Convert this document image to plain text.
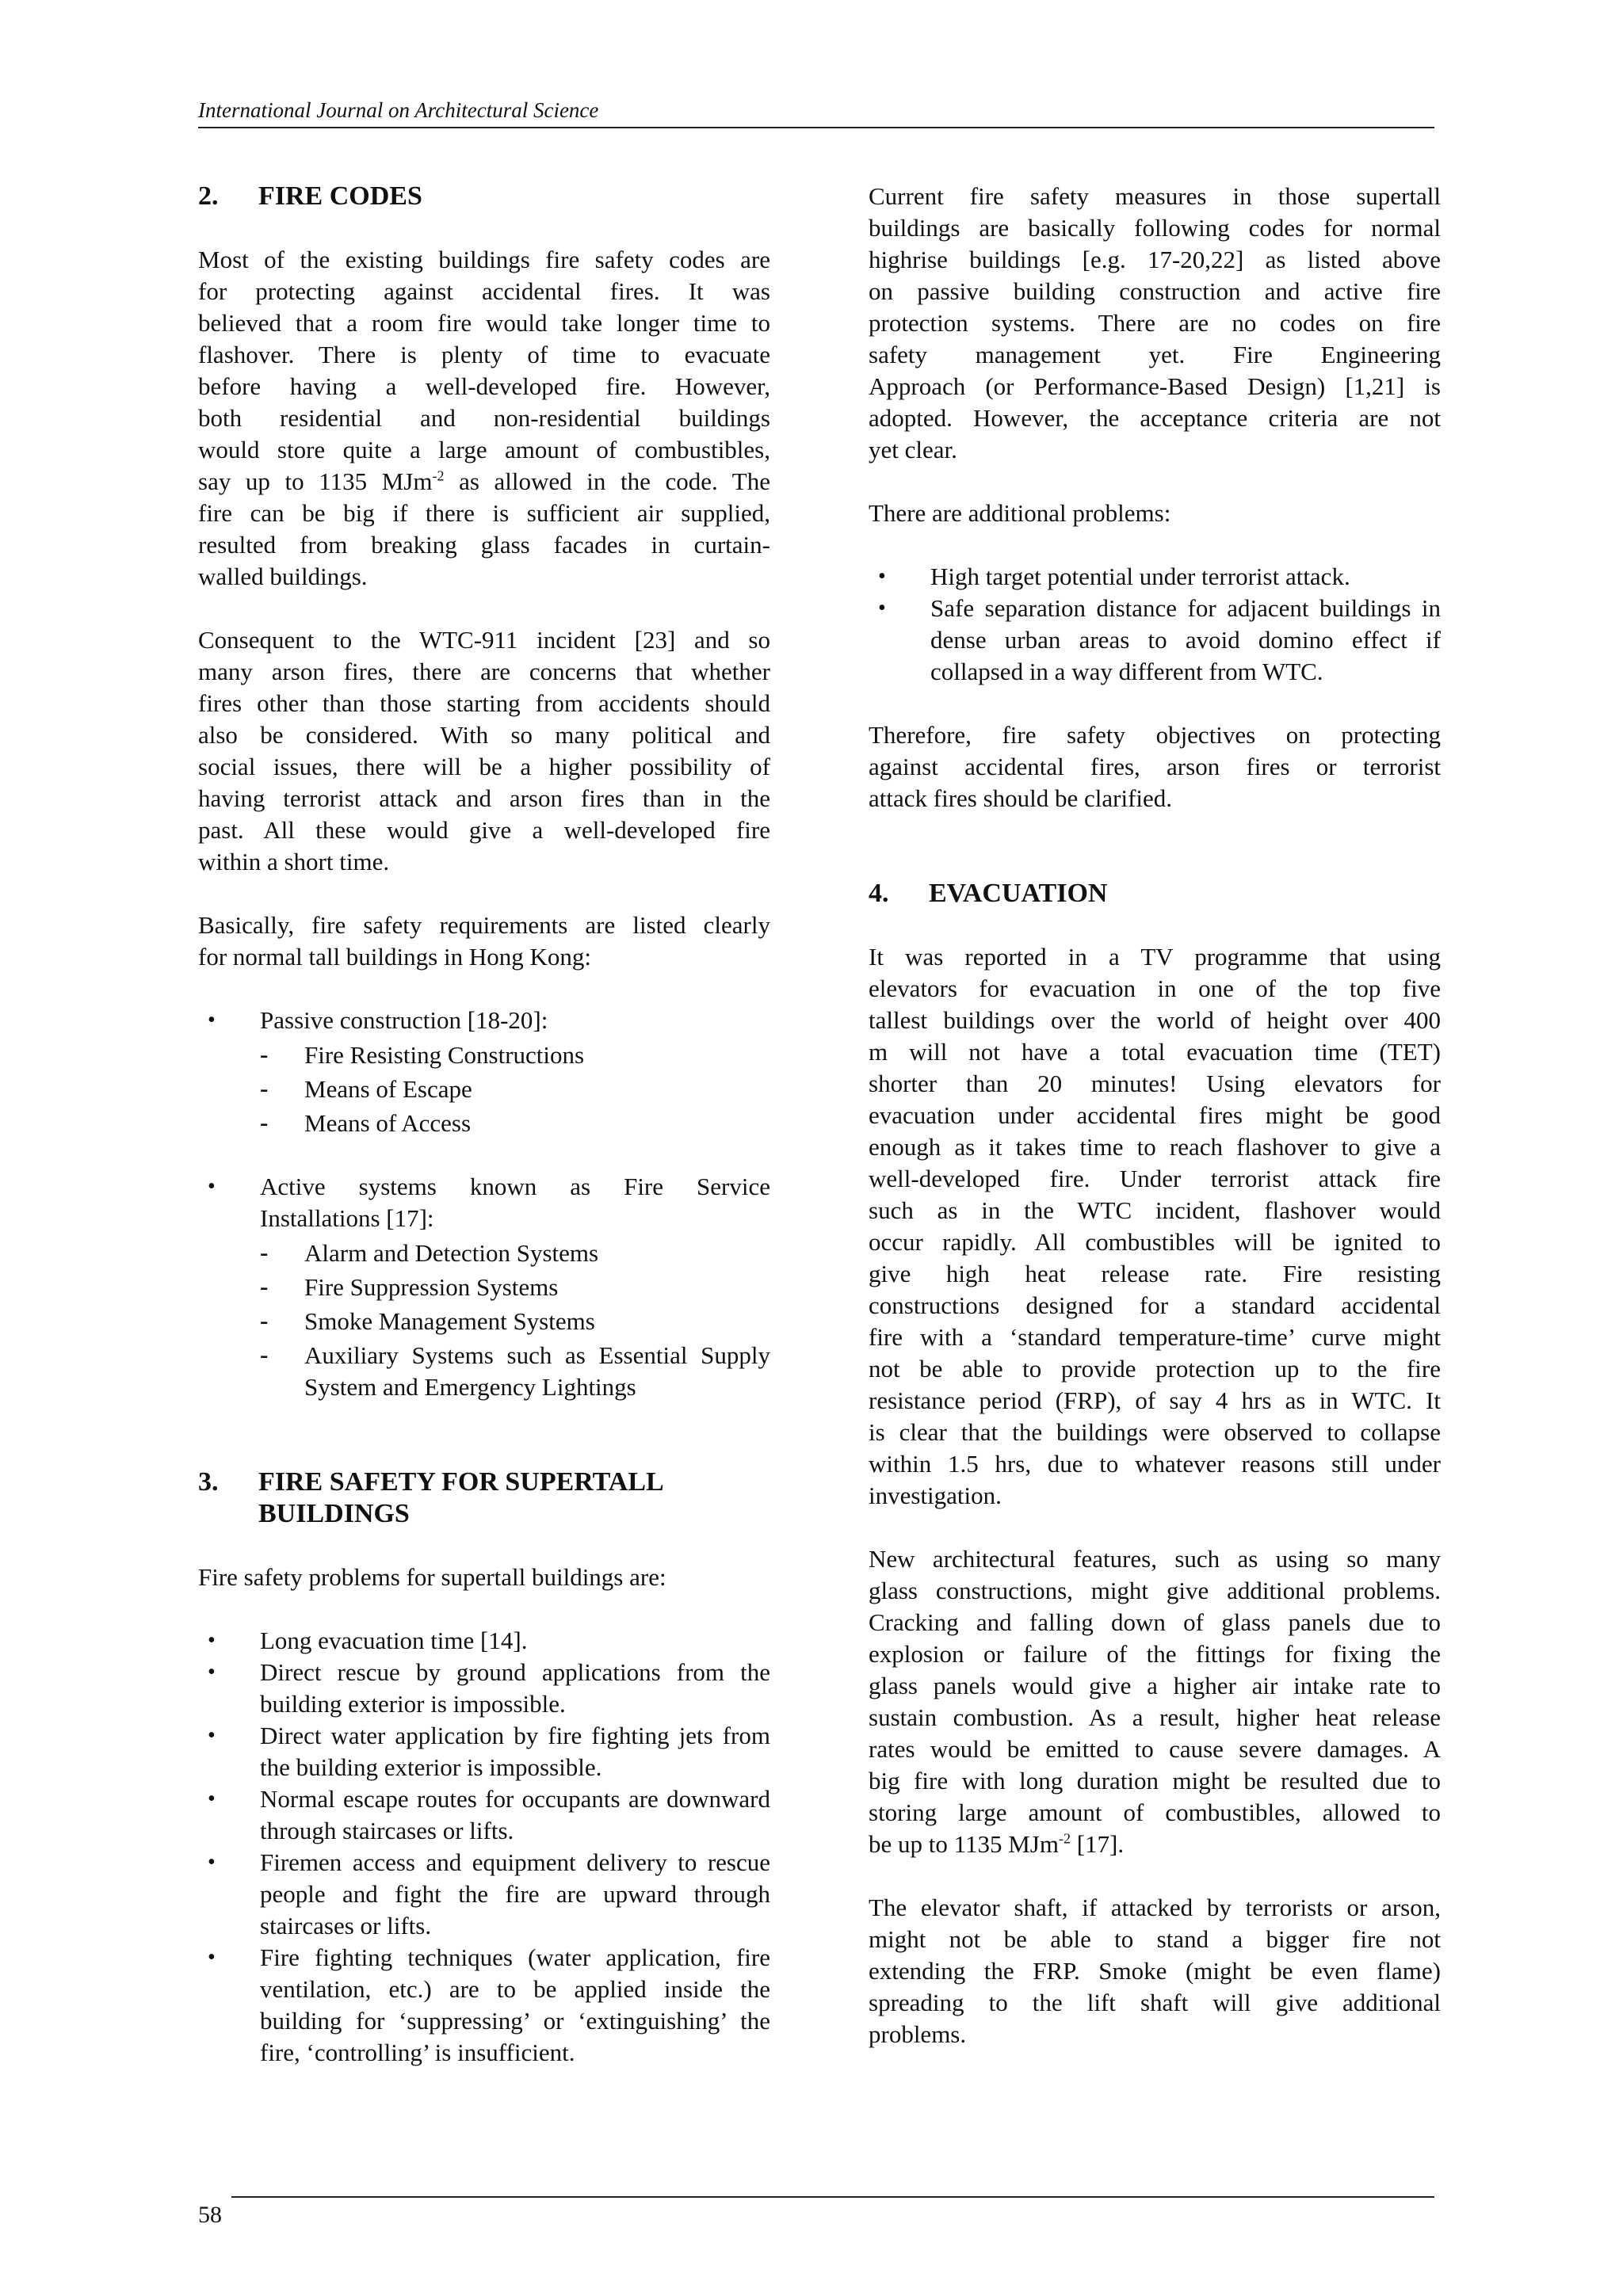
International Journal on Architectural Science
2.	FIRE CODES
Most of the existing buildings fire safety codes are
for protecting against accidental fires. It was
believed that a room fire would take longer time to
flashover. There is plenty of time to evacuate
before having a well-developed fire. However,
both residential and non-residential buildings
would store quite a large amount of combustibles,
say up to 1135 MJm$^{-2}$ as allowed in the code. The
fire can be big if there is sufficient air supplied,
resulted from breaking glass facades in curtain-
walled buildings.
Consequent to the WTC-911 incident [23] and so
many arson fires, there are concerns that whether
fires other than those starting from accidents should
also be considered. With so many political and
social issues, there will be a higher possibility of
having terrorist attack and arson fires than in the
past. All these would give a well-developed fire
within a short time.
Basically, fire safety requirements are listed clearly
for normal tall buildings in Hong Kong:
• Passive construction [18-20]:
- Fire Resisting Constructions
- Means of Escape
- Means of Access
• Active systems known as Fire Service
Installations [17]:
- Alarm and Detection Systems
- Fire Suppression Systems
- Smoke Management Systems
- Auxiliary Systems such as Essential Supply System and Emergency Lightings
3.	FIRE SAFETY FOR SUPERTALL BUILDINGS
Fire safety problems for supertall buildings are:
• Long evacuation time [14].
• Direct rescue by ground applications from the building exterior is impossible.
• Direct water application by fire fighting jets from the building exterior is impossible.
• Normal escape routes for occupants are downward through staircases or lifts.
• Firemen access and equipment delivery to rescue people and fight the fire are upward through staircases or lifts.
• Fire fighting techniques (water application, fire ventilation, etc.) are to be applied inside the building for ‘suppressing’ or ‘extinguishing’ the fire, ‘controlling’ is insufficient.
Current fire safety measures in those supertall
buildings are basically following codes for normal
highrise buildings [e.g. 17-20,22] as listed above
on passive building construction and active fire
protection systems. There are no codes on fire
safety management yet. Fire Engineering
Approach (or Performance-Based Design) [1,21] is
adopted. However, the acceptance criteria are not
yet clear.
There are additional problems:
• High target potential under terrorist attack.
• Safe separation distance for adjacent buildings in dense urban areas to avoid domino effect if collapsed in a way different from WTC.
Therefore, fire safety objectives on protecting
against accidental fires, arson fires or terrorist
attack fires should be clarified.
4.	EVACUATION
It was reported in a TV programme that using
elevators for evacuation in one of the top five
tallest buildings over the world of height over 400
m will not have a total evacuation time (TET)
shorter than 20 minutes! Using elevators for
evacuation under accidental fires might be good
enough as it takes time to reach flashover to give a
well-developed fire. Under terrorist attack fire
such as in the WTC incident, flashover would
occur rapidly. All combustibles will be ignited to
give high heat release rate. Fire resisting
constructions designed for a standard accidental
fire with a ‘standard temperature-time’ curve might
not be able to provide protection up to the fire
resistance period (FRP), of say 4 hrs as in WTC. It
is clear that the buildings were observed to collapse
within 1.5 hrs, due to whatever reasons still under
investigation.
New architectural features, such as using so many
glass constructions, might give additional problems.
Cracking and falling down of glass panels due to
explosion or failure of the fittings for fixing the
glass panels would give a higher air intake rate to
sustain combustion. As a result, higher heat release
rates would be emitted to cause severe damages. A
big fire with long duration might be resulted due to
storing large amount of combustibles, allowed to
be up to 1135 MJm$^{-2}$ [17].
The elevator shaft, if attacked by terrorists or arson,
might not be able to stand a bigger fire not
extending the FRP. Smoke (might be even flame)
spreading to the lift shaft will give additional
problems.
58
